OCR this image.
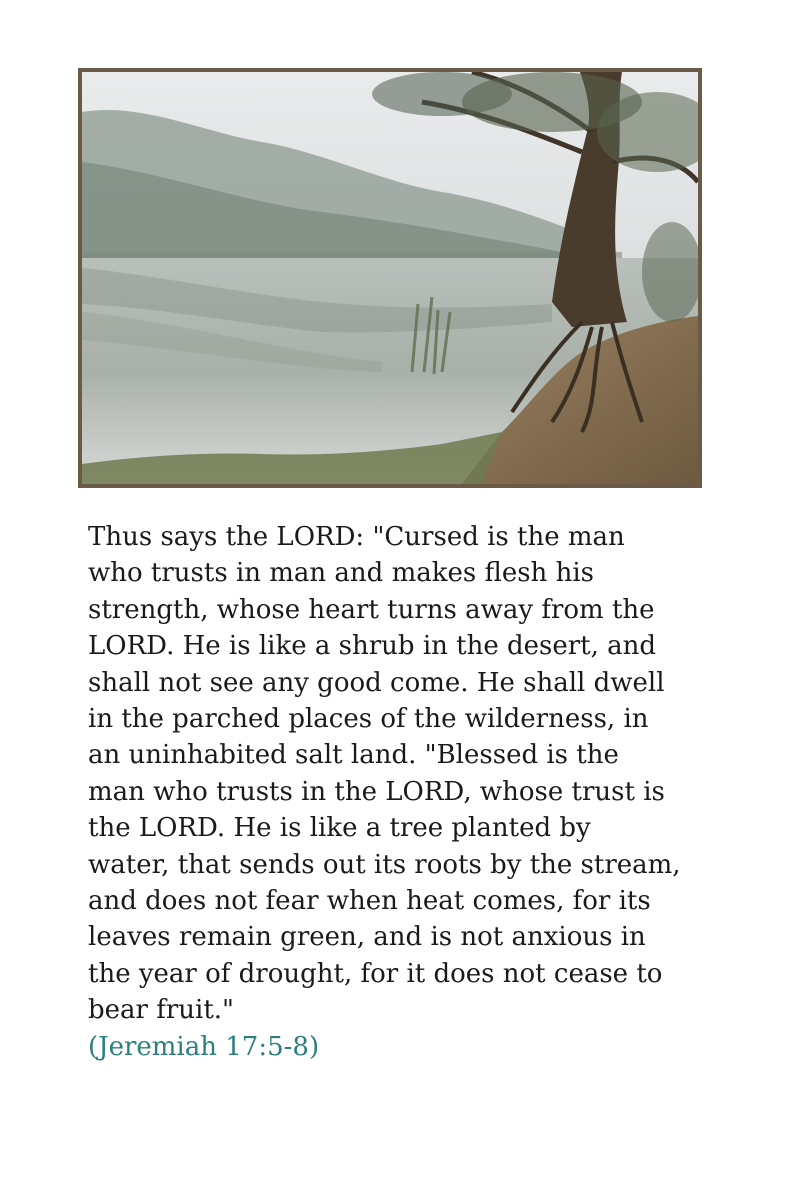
Thus says the LORD: "Cursed is the man
who trusts in man and makes flesh his
strength, whose heart turns away from the
LORD. He is like a shrub in the desert, and
shall not see any good come. He shall dwell
in the parched places of the wilderness, in
an uninhabited salt land. "Blessed is the
man who trusts in the LORD, whose trust is
the LORD. He is like a tree planted by
water, that sends out its roots by the stream,
and does not fear when heat comes, for its
leaves remain green, and is not anxious in
the year of drought, for it does not cease to
bear fruit."
(Jeremiah 17:5-8)
